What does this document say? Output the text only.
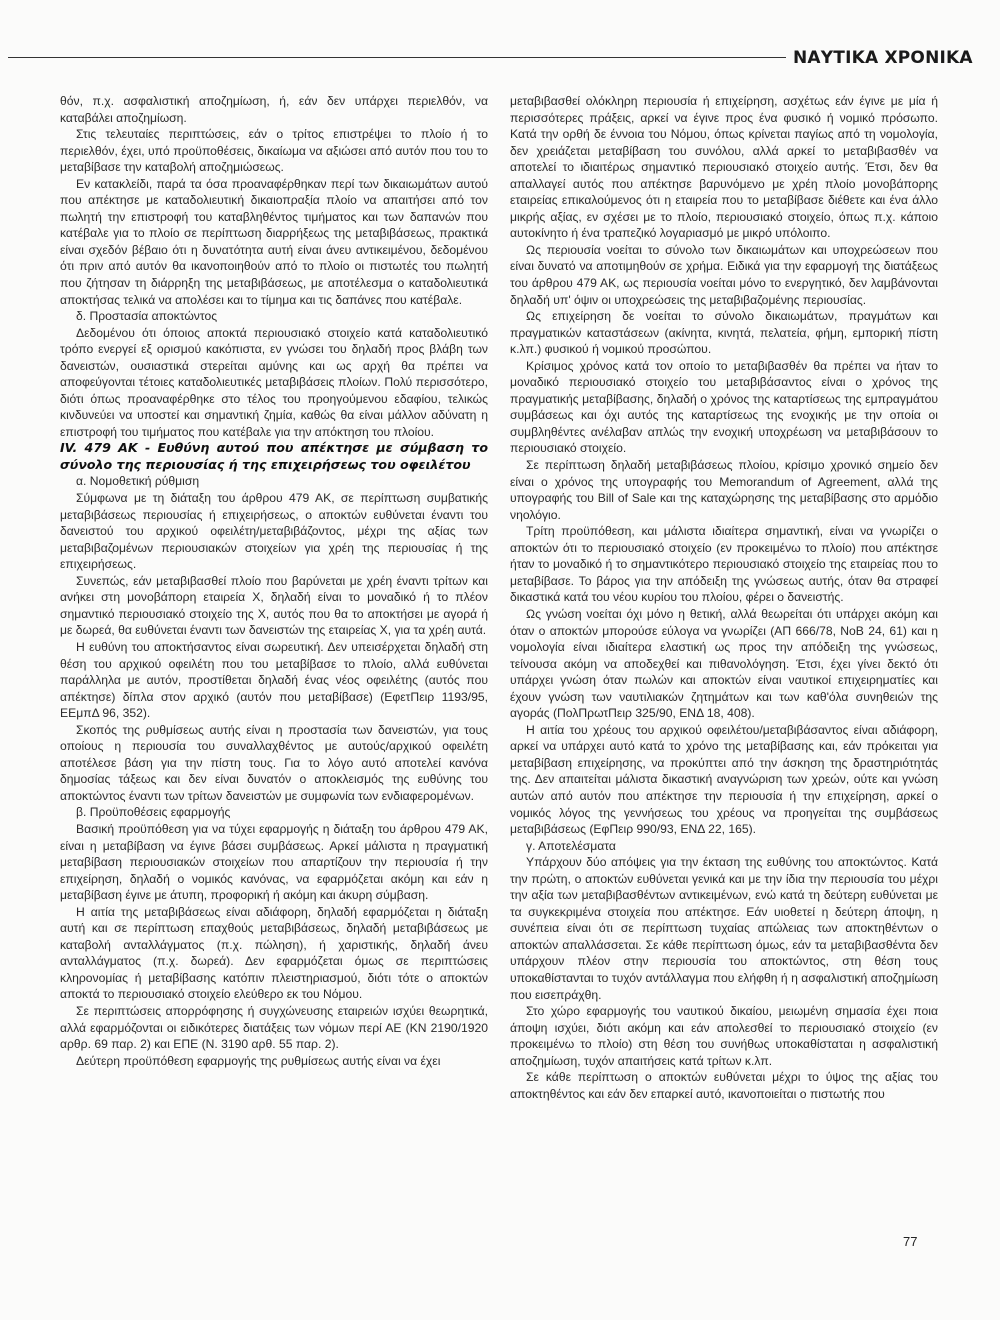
ΝΑΥΤΙΚΑ ΧΡΟΝΙΚΑ

θόν, π.χ. ασφαλιστική αποζημίωση, ή, εάν δεν υπάρχει περιελθόν, να καταβάλει αποζημίωση.

Στις τελευταίες περιπτώσεις, εάν ο τρίτος επιστρέψει το πλοίο ή το περιελθόν, έχει, υπό προϋποθέσεις, δικαίωμα να αξιώσει από αυτόν που του το μεταβίβασε την καταβολή αποζημιώσεως.

Εν κατακλείδι, παρά τα όσα προαναφέρθηκαν περί των δικαιωμάτων αυτού που απέκτησε με καταδολιευτική δικαιοπραξία πλοίο να απαιτήσει από τον πωλητή την επιστροφή του καταβληθέντος τιμήματος και των δαπανών που κατέβαλε για το πλοίο σε περίπτωση διαρρήξεως της μεταβιβάσεως, πρακτικά είναι σχεδόν βέβαιο ότι η δυνατότητα αυτή είναι άνευ αντικειμένου, δεδομένου ότι πριν από αυτόν θα ικανοποιηθούν από το πλοίο οι πιστωτές του πωλητή που ζήτησαν τη διάρρηξη της μεταβιβάσεως, με αποτέλεσμα ο καταδολιευτικά αποκτήσας τελικά να απολέσει και το τίμημα και τις δαπάνες που κατέβαλε.

δ. Προστασία αποκτώντος

Δεδομένου ότι όποιος αποκτά περιουσιακό στοιχείο κατά καταδολιευτικό τρόπο ενεργεί εξ ορισμού κακόπιστα, εν γνώσει του δηλαδή προς βλάβη των δανειστών, ουσιαστικά στερείται αμύνης και ως αρχή θα πρέπει να αποφεύγονται τέτοιες καταδολιευτικές μεταβιβάσεις πλοίων. Πολύ περισσότερο, διότι όπως προαναφέρθηκε στο τέλος του προηγούμενου εδαφίου, τελικώς κινδυνεύει να υποστεί και σημαντική ζημία, καθώς θα είναι μάλλον αδύνατη η επιστροφή του τιμήματος που κατέβαλε για την απόκτηση του πλοίου.

IV. 479 ΑΚ - Ευθύνη αυτού που απέκτησε με σύμβαση το σύνολο της περιουσίας ή της επιχειρήσεως του οφειλέτου

α. Νομοθετική ρύθμιση

Σύμφωνα με τη διάταξη του άρθρου 479 ΑΚ, σε περίπτωση συμβατικής μεταβιβάσεως περιουσίας ή επιχειρήσεως, ο αποκτών ευθύνεται έναντι του δανειστού του αρχικού οφειλέτη/μεταβιβάζοντος, μέχρι της αξίας των μεταβιβαζομένων περιουσιακών στοιχείων για χρέη της περιουσίας ή της επιχειρήσεως.

Συνεπώς, εάν μεταβιβασθεί πλοίο που βαρύνεται με χρέη έναντι τρίτων και ανήκει στη μονοβάπορη εταιρεία Χ, δηλαδή είναι το μοναδικό ή το πλέον σημαντικό περιουσιακό στοιχείο της Χ, αυτός που θα το αποκτήσει με αγορά ή με δωρεά, θα ευθύνεται έναντι των δανειστών της εταιρείας Χ, για τα χρέη αυτά.

Η ευθύνη του αποκτήσαντος είναι σωρευτική. Δεν υπεισέρχεται δηλαδή στη θέση του αρχικού οφειλέτη που του μεταβίβασε το πλοίο, αλλά ευθύνεται παράλληλα με αυτόν, προστίθεται δηλαδή ένας νέος οφειλέτης (αυτός που απέκτησε) δίπλα στον αρχικό (αυτόν που μεταβίβασε) (ΕφετΠειρ 1193/95, ΕΕμπΔ 96, 352).

Σκοπός της ρυθμίσεως αυτής είναι η προστασία των δανειστών, για τους οποίους η περιουσία του συναλλαχθέντος με αυτούς/αρχικού οφειλέτη αποτέλεσε βάση για την πίστη τους. Για το λόγο αυτό αποτελεί κανόνα δημοσίας τάξεως και δεν είναι δυνατόν ο αποκλεισμός της ευθύνης του αποκτώντος έναντι των τρίτων δανειστών με συμφωνία των ενδιαφερομένων.

β. Προϋποθέσεις εφαρμογής

Βασική προϋπόθεση για να τύχει εφαρμογής η διάταξη του άρθρου 479 ΑΚ, είναι η μεταβίβαση να έγινε βάσει συμβάσεως. Αρκεί μάλιστα η πραγματική μεταβίβαση περιουσιακών στοιχείων που απαρτίζουν την περιουσία ή την επιχείρηση, δηλαδή ο νομικός κανόνας, να εφαρμόζεται ακόμη και εάν η μεταβίβαση έγινε με άτυπη, προφορική ή ακόμη και άκυρη σύμβαση.

Η αιτία της μεταβιβάσεως είναι αδιάφορη, δηλαδή εφαρμόζεται η διάταξη αυτή και σε περίπτωση επαχθούς μεταβιβάσεως, δηλαδή μεταβιβάσεως με καταβολή ανταλλάγματος (π.χ. πώληση), ή χαριστικής, δηλαδή άνευ ανταλλάγματος (π.χ. δωρεά). Δεν εφαρμόζεται όμως σε περιπτώσεις κληρονομίας ή μεταβίβασης κατόπιν πλειστηριασμού, διότι τότε ο αποκτών αποκτά το περιουσιακό στοιχείο ελεύθερο εκ του Νόμου.

Σε περιπτώσεις απορρόφησης ή συγχώνευσης εταιρειών ισχύει θεωρητικά, αλλά εφαρμόζονται οι ειδικότερες διατάξεις των νόμων περί ΑΕ (ΚΝ 2190/1920 αρθρ. 69 παρ. 2) και ΕΠΕ (Ν. 3190 αρθ. 55 παρ. 2).

Δεύτερη προϋπόθεση εφαρμογής της ρυθμίσεως αυτής είναι να έχει

μεταβιβασθεί ολόκληρη περιουσία ή επιχείρηση, ασχέτως εάν έγινε με μία ή περισσότερες πράξεις, αρκεί να έγινε προς ένα φυσικό ή νομικό πρόσωπο. Κατά την ορθή δε έννοια του Νόμου, όπως κρίνεται παγίως από τη νομολογία, δεν χρειάζεται μεταβίβαση του συνόλου, αλλά αρκεί το μεταβιβασθέν να αποτελεί το ιδιαιτέρως σημαντικό περιουσιακό στοιχείο αυτής. Έτσι, δεν θα απαλλαγεί αυτός που απέκτησε βαρυνόμενο με χρέη πλοίο μονοβάπορης εταιρείας επικαλούμενος ότι η εταιρεία που το μεταβίβασε διέθετε και ένα άλλο μικρής αξίας, εν σχέσει με το πλοίο, περιουσιακό στοιχείο, όπως π.χ. κάποιο αυτοκίνητο ή ένα τραπεζικό λογαριασμό με μικρό υπόλοιπο.

Ως περιουσία νοείται το σύνολο των δικαιωμάτων και υποχρεώσεων που είναι δυνατό να αποτιμηθούν σε χρήμα. Ειδικά για την εφαρμογή της διατάξεως του άρθρου 479 ΑΚ, ως περιουσία νοείται μόνο το ενεργητικό, δεν λαμβάνονται δηλαδή υπ' όψιν οι υποχρεώσεις της μεταβιβαζομένης περιουσίας.

Ως επιχείρηση δε νοείται το σύνολο δικαιωμάτων, πραγμάτων και πραγματικών καταστάσεων (ακίνητα, κινητά, πελατεία, φήμη, εμπορική πίστη κ.λπ.) φυσικού ή νομικού προσώπου.

Κρίσιμος χρόνος κατά τον οποίο το μεταβιβασθέν θα πρέπει να ήταν το μοναδικό περιουσιακό στοιχείο του μεταβιβάσαντος είναι ο χρόνος της πραγματικής μεταβίβασης, δηλαδή ο χρόνος της καταρτίσεως της εμπραγμάτου συμβάσεως και όχι αυτός της καταρτίσεως της ενοχικής με την οποία οι συμβληθέντες ανέλαβαν απλώς την ενοχική υποχρέωση να μεταβιβάσουν το περιουσιακό στοιχείο.

Σε περίπτωση δηλαδή μεταβιβάσεως πλοίου, κρίσιμο χρονικό σημείο δεν είναι ο χρόνος της υπογραφής του Memorandum of Agreement, αλλά της υπογραφής του Bill of Sale και της καταχώρησης της μεταβίβασης στο αρμόδιο νηολόγιο.

Τρίτη προϋπόθεση, και μάλιστα ιδιαίτερα σημαντική, είναι να γνωρίζει ο αποκτών ότι το περιουσιακό στοιχείο (εν προκειμένω το πλοίο) που απέκτησε ήταν το μοναδικό ή το σημαντικότερο περιουσιακό στοιχείο της εταιρείας που το μεταβίβασε. Το βάρος για την απόδειξη της γνώσεως αυτής, όταν θα στραφεί δικαστικά κατά του νέου κυρίου του πλοίου, φέρει ο δανειστής.

Ως γνώση νοείται όχι μόνο η θετική, αλλά θεωρείται ότι υπάρχει ακόμη και όταν ο αποκτών μπορούσε εύλογα να γνωρίζει (ΑΠ 666/78, ΝοΒ 24, 61) και η νομολογία είναι ιδιαίτερα ελαστική ως προς την απόδειξη της γνώσεως, τείνουσα ακόμη να αποδεχθεί και πιθανολόγηση. Έτσι, έχει γίνει δεκτό ότι υπάρχει γνώση όταν πωλών και αποκτών είναι ναυτικοί επιχειρηματίες και έχουν γνώση των ναυτιλιακών ζητημάτων και των καθ'όλα συνηθειών της αγοράς (ΠολΠρωτΠειρ 325/90, ΕΝΔ 18, 408).

Η αιτία του χρέους του αρχικού οφειλέτου/μεταβιβάσαντος είναι αδιάφορη, αρκεί να υπάρχει αυτό κατά το χρόνο της μεταβίβασης και, εάν πρόκειται για μεταβίβαση επιχείρησης, να προκύπτει από την άσκηση της δραστηριότητάς της. Δεν απαιτείται μάλιστα δικαστική αναγνώριση των χρεών, ούτε και γνώση αυτών από αυτόν που απέκτησε την περιουσία ή την επιχείρηση, αρκεί ο νομικός λόγος της γεννήσεως του χρέους να προηγείται της συμβάσεως μεταβιβάσεως (ΕφΠειρ 990/93, ΕΝΔ 22, 165).

γ. Αποτελέσματα

Υπάρχουν δύο απόψεις για την έκταση της ευθύνης του αποκτώντος. Κατά την πρώτη, ο αποκτών ευθύνεται γενικά και με την ίδια την περιουσία του μέχρι την αξία των μεταβιβασθέντων αντικειμένων, ενώ κατά τη δεύτερη ευθύνεται με τα συγκεκριμένα στοιχεία που απέκτησε. Εάν υιοθετεί η δεύτερη άποψη, η συνέπεια είναι ότι σε περίπτωση τυχαίας απώλειας των αποκτηθέντων ο αποκτών απαλλάσσεται. Σε κάθε περίπτωση όμως, εάν τα μεταβιβασθέντα δεν υπάρχουν πλέον στην περιουσία του αποκτώντος, στη θέση τους υποκαθίστανται το τυχόν αντάλλαγμα που ελήφθη ή η ασφαλιστική αποζημίωση που εισεπράχθη.

Στο χώρο εφαρμογής του ναυτικού δικαίου, μειωμένη σημασία έχει ποια άποψη ισχύει, διότι ακόμη και εάν απολεσθεί το περιουσιακό στοιχείο (εν προκειμένω το πλοίο) στη θέση του συνήθως υποκαθίσταται η ασφαλιστική αποζημίωση, τυχόν απαιτήσεις κατά τρίτων κ.λπ.

Σε κάθε περίπτωση ο αποκτών ευθύνεται μέχρι το ύψος της αξίας του αποκτηθέντος και εάν δεν επαρκεί αυτό, ικανοποιείται ο πιστωτής που

77
